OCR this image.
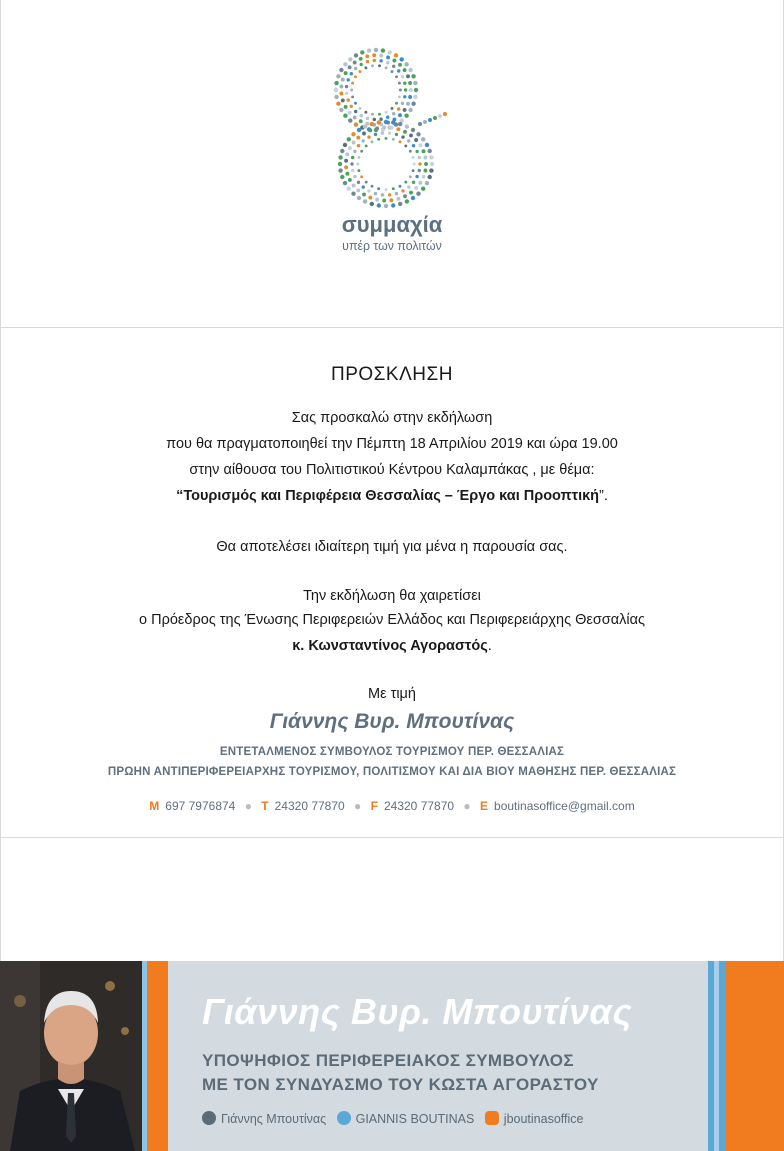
συμμαχία
υπέρ των πολιτών
ΠΡΟΣΚΛΗΣΗ
Σας προσκαλώ στην εκδήλωση
που θα πραγματοποιηθεί την Πέμπτη 18 Απριλίου 2019 και ώρα 19.00
στην αίθουσα του Πολιτιστικού Κέντρου Καλαμπάκας , με θέμα:
“Τουρισμός και Περιφέρεια Θεσσαλίας – Έργο και Προοπτική”.
Θα αποτελέσει ιδιαίτερη τιμή για μένα η παρουσία σας.
Την εκδήλωση θα χαιρετίσει
ο Πρόεδρος της Ένωσης Περιφερειών Ελλάδος και Περιφερειάρχης Θεσσαλίας
κ. Κωνσταντίνος Αγοραστός.
Με τιμή
Γιάννης Βυρ. Μπουτίνας
ΕΝΤΕΤΑΛΜΕΝΟΣ ΣΥΜΒΟΥΛΟΣ ΤΟΥΡΙΣΜΟΥ ΠΕΡ. ΘΕΣΣΑΛΙΑΣ
ΠΡΩΗΝ ΑΝΤΙΠΕΡΙΦΕΡΕΙΑΡΧΗΣ ΤΟΥΡΙΣΜΟΥ, ΠΟΛΙΤΙΣΜΟΥ ΚΑΙ ΔΙΑ ΒΙΟΥ ΜΑΘΗΣΗΣ ΠΕΡ. ΘΕΣΣΑΛΙΑΣ
M 697 7976874 ● T 24320 77870 ● F 24320 77870 ● E boutinasoffice@gmail.com
Γιάννης Βυρ. Μπουτίνας
ΥΠΟΨΗΦΙΟΣ ΠΕΡΙΦΕΡΕΙΑΚΟΣ ΣΥΜΒΟΥΛΟΣ
ΜΕ ΤΟΝ ΣΥΝΔΥΑΣΜΟ ΤΟΥ ΚΩΣΤΑ ΑΓΟΡΑΣΤΟΥ
Γιάννης Μπουτίνας GIANNIS BOUTINAS jboutinasoffice
